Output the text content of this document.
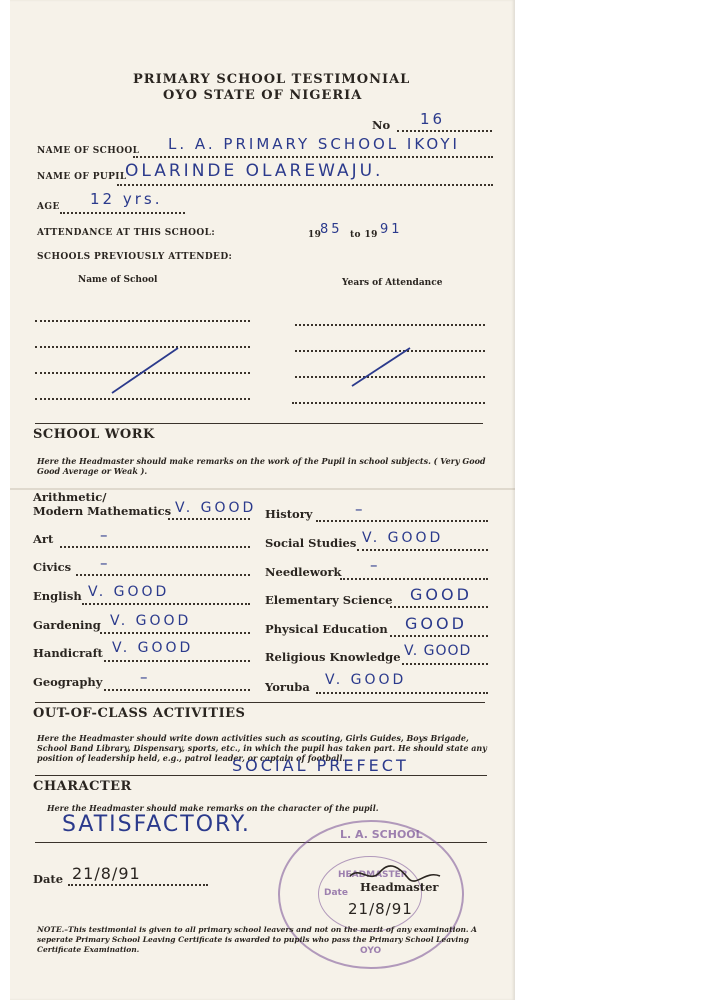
PRIMARY SCHOOL TESTIMONIAL
OYO STATE OF NIGERIA
No 16
NAME OF SCHOOL L. A. PRIMARY SCHOOL IKOYI
NAME OF PUPIL
OLARINDE OLAREWAJU.
AGE 12 yrs.
ATTENDANCE AT THIS SCHOOL:	19
85 to 19 91
SCHOOLS PREVIOUSLY ATTENDED:
Name of School	Years of Attendance
SCHOOL WORK
Here the Headmaster should make remarks on the work of the Pupil in school subjects. ( Very Good Good Average or Weak ).
Arithmetic/
Modern Mathematics V. GOOD
Art	–
Civics –
English V. GOOD
Gardening V. GOOD
Handicraft V. GOOD
Geography	–
History	–
Social Studies V. GOOD
Needlework –
Elementary Science GOOD
Physical Education GOOD
Religious Knowledge V. GOOD
Yoruba V. GOOD
OUT-OF-CLASS ACTIVITIES
Here the Headmaster should write down activities such as scouting, Girls Guides, Boys Brigade, School Band Library, Dispensary, sports, etc., in which the pupil has taken part. He should state any position of leadership held, e.g., patrol leader, or captain of football.
SOCIAL PREFECT
CHARACTER
Here the Headmaster should make remarks on the character of the pupil.
SATISFACTORY.	L. A. SCHOOL
HEADMASTER
Date
OYO
Date 21/8/91
Headmaster
21/8/91
NOTE.–This testimonial is given to all primary school leavers and not on the merit of any examination. A seperate Primary School Leaving Certificate is awarded to pupils who pass the Primary School Leaving Certificate Examination.
